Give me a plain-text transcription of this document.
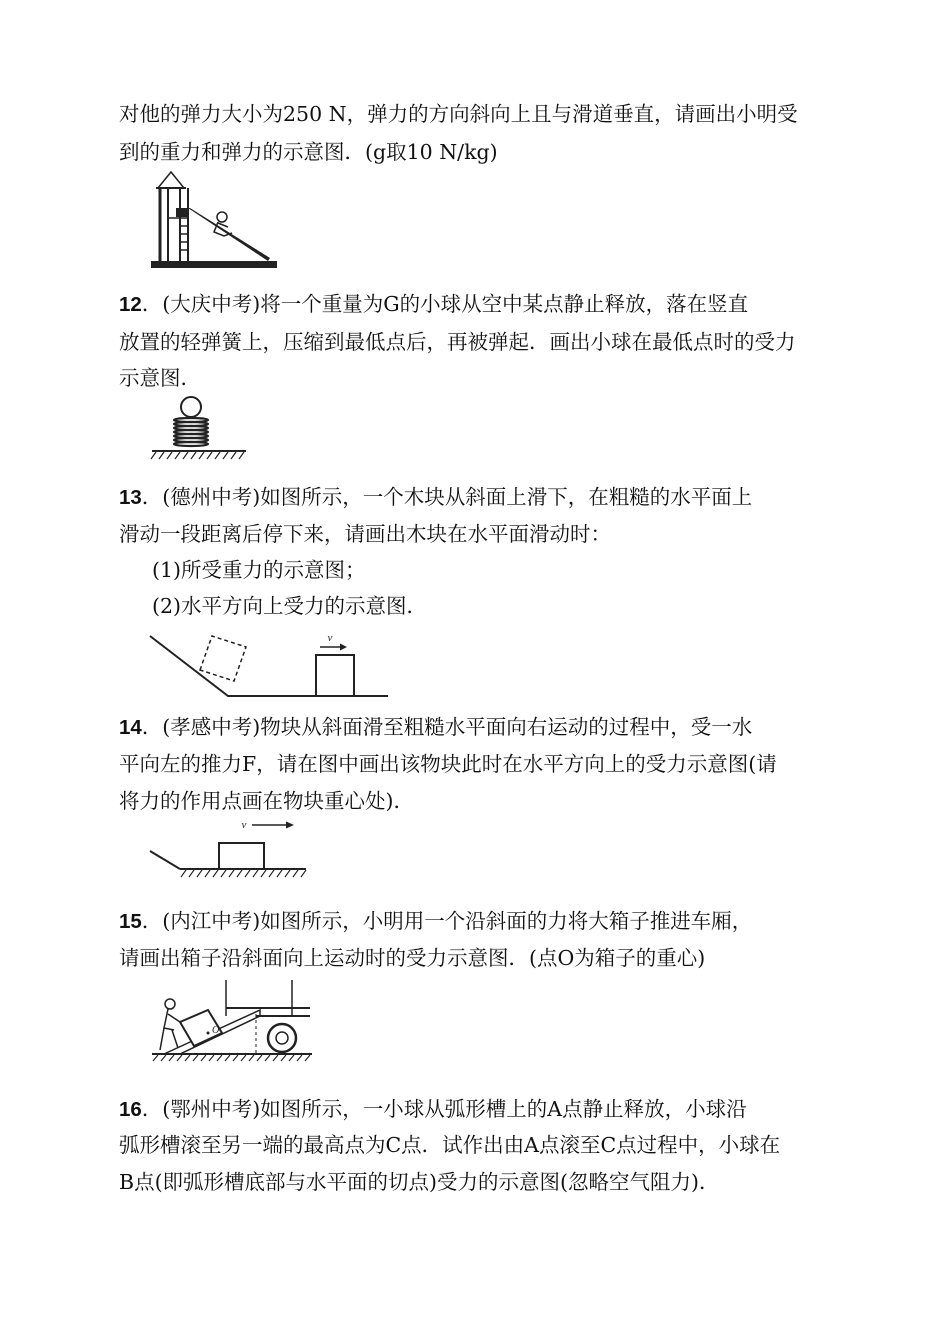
对他的弹力大小为250 N，弹力的方向斜向上且与滑道垂直，请画出小明受
到的重力和弹力的示意图．(g取10 N/kg)
12．(大庆中考)将一个重量为G的小球从空中某点静止释放，落在竖直
放置的轻弹簧上，压缩到最低点后，再被弹起．画出小球在最低点时的受力
示意图．
13．(德州中考)如图所示，一个木块从斜面上滑下，在粗糙的水平面上
滑动一段距离后停下来，请画出木块在水平面滑动时：
(1)所受重力的示意图；
(2)水平方向上受力的示意图．
v
14．(孝感中考)物块从斜面滑至粗糙水平面向右运动的过程中，受一水
平向左的推力F，请在图中画出该物块此时在水平方向上的受力示意图(请
将力的作用点画在物块重心处)．
v
15．(内江中考)如图所示，小明用一个沿斜面的力将大箱子推进车厢，
请画出箱子沿斜面向上运动时的受力示意图．(点O为箱子的重心)
O
16．(鄂州中考)如图所示，一小球从弧形槽上的A点静止释放，小球沿
弧形槽滚至另一端的最高点为C点．试作出由A点滚至C点过程中，小球在
B点(即弧形槽底部与水平面的切点)受力的示意图(忽略空气阻力)．
